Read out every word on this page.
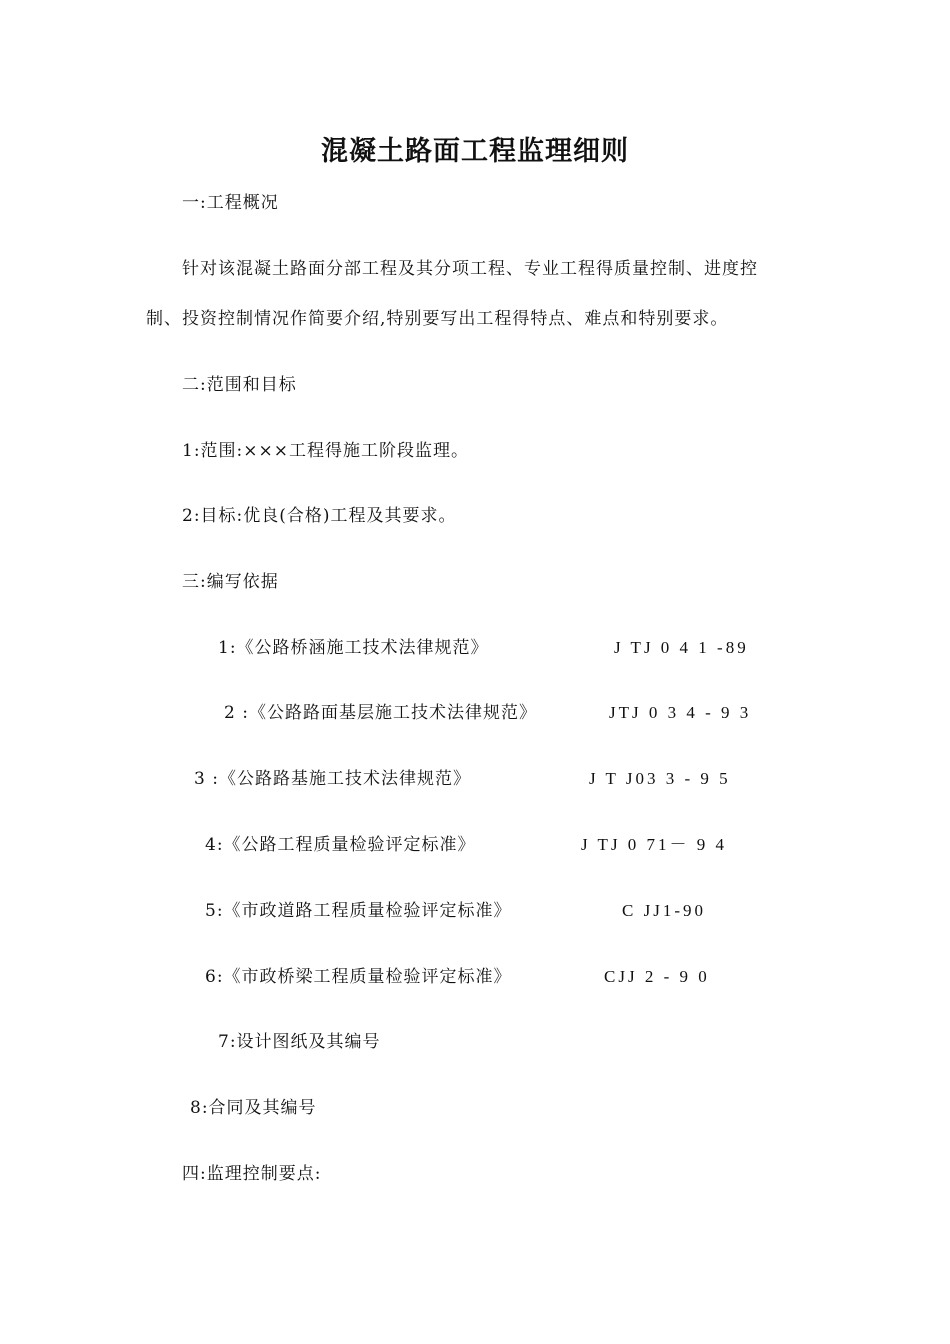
混凝土路面工程监理细则
一:工程概况
针对该混凝土路面分部工程及其分项工程、专业工程得质量控制、进度控
制、投资控制情况作简要介绍,特别要写出工程得特点、难点和特别要求。
二:范围和目标
1:范围:×××工程得施工阶段监理。
2:目标:优良(合格)工程及其要求。
三:编写依据
1:《公路桥涵施工技术法律规范》	J TJ 0 4 1 -89
2 :《公路路面基层施工技术法律规范》	JTJ 0 3 4 - 9 3
3 :《公路路基施工技术法律规范》	J T J03 3 - 9 5
4:《公路工程质量检验评定标准》	J TJ 0 71－ 9 4
5:《市政道路工程质量检验评定标准》	C JJ1-90
6:《市政桥梁工程质量检验评定标准》	CJJ 2 - 9 0
7:设计图纸及其编号
8:合同及其编号
四:监理控制要点:
